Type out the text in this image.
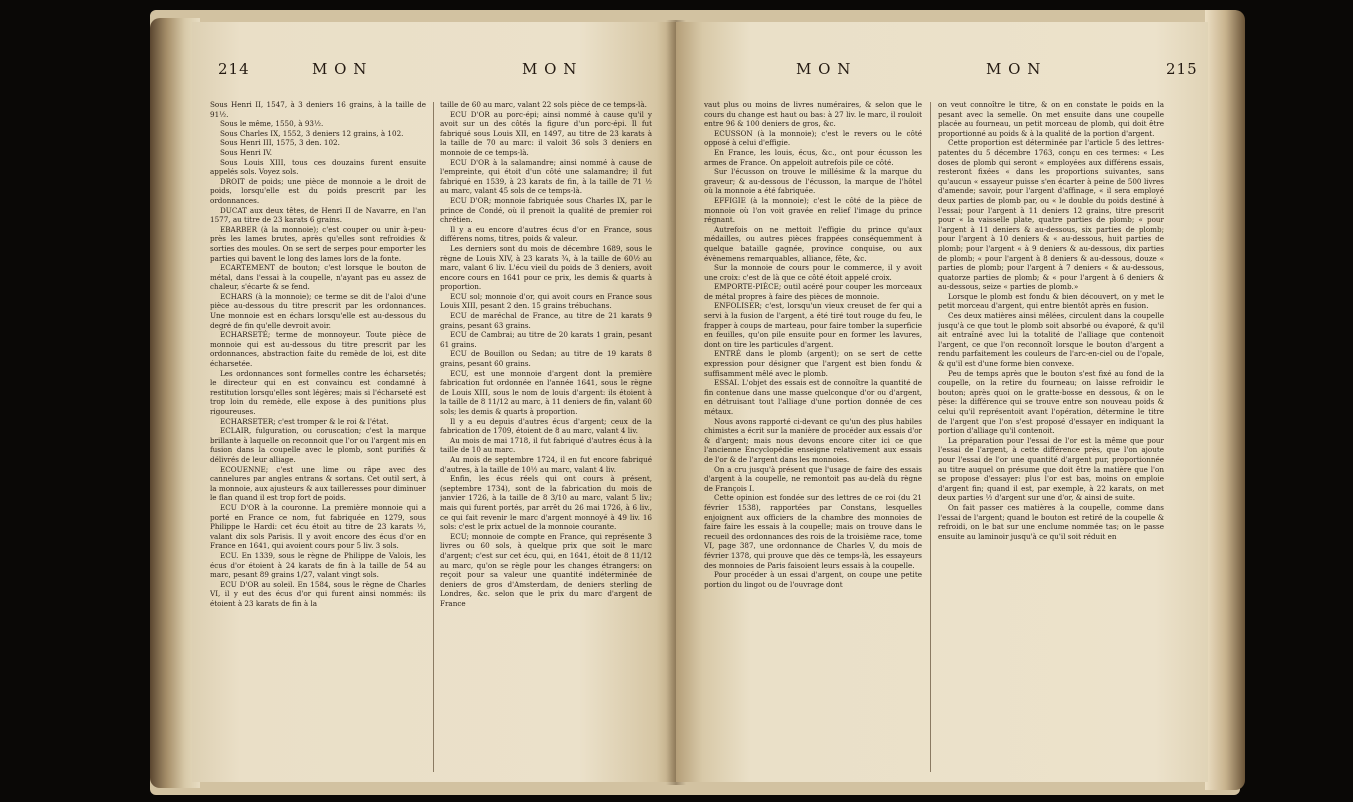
214	M O N	M O N

Sous Henri II, 1547, à 3 deniers 16 grains, à la taille de 91½.

Sous le même, 1550, à 93½.

Sous Charles IX, 1552, 3 deniers 12 grains, à 102.

Sous Henri III, 1575, 3 den. 102.

Sous Henri IV.

Sous Louis XIII, tous ces douzains furent ensuite appelés sols. Voyez sols.

DROIT de poids; une pièce de monnoie a le droit de poids, lorsqu'elle est du poids prescrit par les ordonnances.

DUCAT aux deux têtes, de Henri II de Navarre, en l'an 1577, au titre de 23 karats 6 grains.

EBARBER (à la monnoie); c'est couper ou unir à-peu-près les lames brutes, après qu'elles sont refroidies & sorties des moules. On se sert de serpes pour emporter les parties qui bavent le long des lames lors de la fonte.

ECARTEMENT de bouton; c'est lorsque le bouton de métal, dans l'essai à la coupelle, n'ayant pas eu assez de chaleur, s'écarte & se fend.

ECHARS (à la monnoie); ce terme se dit de l'aloi d'une pièce au-dessous du titre prescrit par les ordonnances. Une monnoie est en échars lorsqu'elle est au-dessous du degré de fin qu'elle devroit avoir.

ECHARSETÉ; terme de monnoyeur. Toute pièce de monnoie qui est au-dessous du titre prescrit par les ordonnances, abstraction faite du remède de loi, est dite écharsetée.

Les ordonnances sont formelles contre les écharsetés; le directeur qui en est convaincu est condamné à restitution lorsqu'elles sont légères; mais si l'écharseté est trop loin du remède, elle expose à des punitions plus rigoureuses.

ECHARSETER; c'est tromper & le roi & l'état.

ECLAIR, fulguration, ou coruscation; c'est la marque brillante à laquelle on reconnoit que l'or ou l'argent mis en fusion dans la coupelle avec le plomb, sont purifiés & délivrés de leur alliage.

ECOUENNE; c'est une lime ou râpe avec des cannelures par angles entrans & sortans. Cet outil sert, à la monnoie, aux ajusteurs & aux tailleresses pour diminuer le flan quand il est trop fort de poids.

ECU D'OR à la couronne. La première monnoie qui a porté en France ce nom, fut fabriquée en 1279, sous Philippe le Hardi: cet écu étoit au titre de 23 karats ½, valant dix sols Parisis. Il y avoit encore des écus d'or en France en 1641, qui avoient cours pour 5 liv. 3 sols.

ECU. En 1339, sous le règne de Philippe de Valois, les écus d'or étoient à 24 karats de fin à la taille de 54 au marc, pesant 89 grains 1/27, valant vingt sols.

ECU D'OR au soleil. En 1584, sous le règne de Charles VI, il y eut des écus d'or qui furent ainsi nommés: ils étoient à 23 karats de fin à la

taille de 60 au marc, valant 22 sols pièce de ce temps-là.

ECU D'OR au porc-épi; ainsi nommé à cause qu'il y avoit sur un des côtés la figure d'un porc-épi. Il fut fabriqué sous Louis XII, en 1497, au titre de 23 karats à la taille de 70 au marc: il valoit 36 sols 3 deniers en monnoie de ce temps-là.

ECU D'OR à la salamandre; ainsi nommé à cause de l'empreinte, qui étoit d'un côté une salamandre; il fut fabriqué en 1539, à 23 karats de fin, à la taille de 71 ½ au marc, valant 45 sols de ce temps-là.

ECU D'OR; monnoie fabriquée sous Charles IX, par le prince de Condé, où il prenoit la qualité de premier roi chrétien.

Il y a eu encore d'autres écus d'or en France, sous différens noms, titres, poids & valeur.

Les derniers sont du mois de décembre 1689, sous le règne de Louis XIV, à 23 karats ¾, à la taille de 60½ au marc, valant 6 liv. L'écu vieil du poids de 3 deniers, avoit encore cours en 1641 pour ce prix, les demis & quarts à proportion.

ECU sol; monnoie d'or, qui avoit cours en France sous Louis XIII, pesant 2 den. 15 grains trébuchans.

ECU de maréchal de France, au titre de 21 karats 9 grains, pesant 63 grains.

ECU de Cambrai; au titre de 20 karats 1 grain, pesant 61 grains.

ECU de Bouillon ou Sedan; au titre de 19 karats 8 grains, pesant 60 grains.

ECU, est une monnoie d'argent dont la première fabrication fut ordonnée en l'année 1641, sous le règne de Louis XIII, sous le nom de louis d'argent: ils étoient à la taille de 8 11/12 au marc, à 11 deniers de fin, valant 60 sols; les demis & quarts à proportion.

Il y a eu depuis d'autres écus d'argent; ceux de la fabrication de 1709, étoient de 8 au marc, valant 4 liv.

Au mois de mai 1718, il fut fabriqué d'autres écus à la taille de 10 au marc.

Au mois de septembre 1724, il en fut encore fabriqué d'autres, à la taille de 10½ au marc, valant 4 liv.

Enfin, les écus réels qui ont cours à présent, (septembre 1734), sont de la fabrication du mois de janvier 1726, à la taille de 8 3/10 au marc, valant 5 liv.; mais qui furent portés, par arrêt du 26 mai 1726, à 6 liv., ce qui fait revenir le marc d'argent monnoyé à 49 liv. 16 sols: c'est le prix actuel de la monnoie courante.

ECU; monnoie de compte en France, qui représente 3 livres ou 60 sols, à quelque prix que soit le marc d'argent; c'est sur cet écu, qui, en 1641, étoit de 8 11/12 au marc, qu'on se règle pour les changes étrangers: on reçoit pour sa valeur une quantité indéterminée de deniers de gros d'Amsterdam, de deniers sterling de Londres, &c. selon que le prix du marc d'argent de France

M O N	M O N	215

vaut plus ou moins de livres numéraires, & selon que le cours du change est haut ou bas: à 27 liv. le marc, il rouloit entre 96 & 100 deniers de gros, &c.

ECUSSON (à la monnoie); c'est le revers ou le côté opposé à celui d'effigie.

En France, les louis, écus, &c., ont pour écusson les armes de France. On appeloit autrefois pile ce côté.

Sur l'écusson on trouve le millésime & la marque du graveur; & au-dessous de l'écusson, la marque de l'hôtel où la monnoie a été fabriquée.

EFFIGIE (à la monnoie); c'est le côté de la pièce de monnoie où l'on voit gravée en relief l'image du prince régnant.

Autrefois on ne mettoit l'effigie du prince qu'aux médailles, ou autres pièces frappées conséquemment à quelque bataille gagnée, province conquise, ou aux évènemens remarquables, alliance, fête, &c.

Sur la monnoie de cours pour le commerce, il y avoit une croix: c'est de là que ce côté étoit appelé croix.

EMPORTE-PIÈCE; outil acéré pour couper les morceaux de métal propres à faire des pièces de monnoie.

ENFOLISER; c'est, lorsqu'un vieux creuset de fer qui a servi à la fusion de l'argent, a été tiré tout rouge du feu, le frapper à coups de marteau, pour faire tomber la superficie en feuilles, qu'on pile ensuite pour en former les lavures, dont on tire les particules d'argent.

ENTRÉ dans le plomb (argent); on se sert de cette expression pour désigner que l'argent est bien fondu & suffisamment mêlé avec le plomb.

ESSAI. L'objet des essais est de connoître la quantité de fin contenue dans une masse quelconque d'or ou d'argent, en détruisant tout l'alliage d'une portion donnée de ces métaux.

Nous avons rapporté ci-devant ce qu'un des plus habiles chimistes a écrit sur la manière de procéder aux essais d'or & d'argent; mais nous devons encore citer ici ce que l'ancienne Encyclopédie enseigne relativement aux essais de l'or & de l'argent dans les monnoies.

On a cru jusqu'à présent que l'usage de faire des essais d'argent à la coupelle, ne remontoit pas au-delà du règne de François I.

Cette opinion est fondée sur des lettres de ce roi (du 21 février 1538), rapportées par Constans, lesquelles enjoignent aux officiers de la chambre des monnoies de faire faire les essais à la coupelle; mais on trouve dans le recueil des ordonnances des rois de la troisième race, tome VI, page 387, une ordonnance de Charles V, du mois de février 1378, qui prouve que dès ce temps-là, les essayeurs des monnoies de Paris faisoient leurs essais à la coupelle.

Pour procéder à un essai d'argent, on coupe une petite portion du lingot ou de l'ouvrage dont

on veut connoître le titre, & on en constate le poids en la pesant avec la semelle. On met ensuite dans une coupelle placée au fourneau, un petit morceau de plomb, qui doit être proportionné au poids & à la qualité de la portion d'argent.

Cette proportion est déterminée par l'article 5 des lettres-patentes du 5 décembre 1763, conçu en ces termes: « Les doses de plomb qui seront « employées aux différens essais, resteront fixées « dans les proportions suivantes, sans qu'aucun « essayeur puisse s'en écarter à peine de 500 livres d'amende; savoir, pour l'argent d'affinage, « il sera employé deux parties de plomb par, ou « le double du poids destiné à l'essai; pour l'argent à 11 deniers 12 grains, titre prescrit pour « la vaisselle plate, quatre parties de plomb; « pour l'argent à 11 deniers & au-dessous, six parties de plomb; pour l'argent à 10 deniers & « au-dessous, huit parties de plomb; pour l'argent « à 9 deniers & au-dessous, dix parties de plomb; « pour l'argent à 8 deniers & au-dessous, douze « parties de plomb; pour l'argent à 7 deniers « & au-dessous, quatorze parties de plomb; & « pour l'argent à 6 deniers & au-dessous, seize « parties de plomb.»

Lorsque le plomb est fondu & bien découvert, on y met le petit morceau d'argent, qui entre bientôt après en fusion.

Ces deux matières ainsi mêlées, circulent dans la coupelle jusqu'à ce que tout le plomb soit absorbé ou évaporé, & qu'il ait entraîné avec lui la totalité de l'alliage que contenoit l'argent, ce que l'on reconnoît lorsque le bouton d'argent a rendu parfaitement les couleurs de l'arc-en-ciel ou de l'opale, & qu'il est d'une forme bien convexe.

Peu de temps après que le bouton s'est fixé au fond de la coupelle, on la retire du fourneau; on laisse refroidir le bouton; après quoi on le gratte-bosse en dessous, & on le pèse: la différence qui se trouve entre son nouveau poids & celui qu'il représentoit avant l'opération, détermine le titre de l'argent que l'on s'est proposé d'essayer en indiquant la portion d'alliage qu'il contenoit.

La préparation pour l'essai de l'or est la même que pour l'essai de l'argent, à cette différence près, que l'on ajoute pour l'essai de l'or une quantité d'argent pur, proportionnée au titre auquel on présume que doit être la matière que l'on se propose d'essayer: plus l'or est bas, moins on emploie d'argent fin; quand il est, par exemple, à 22 karats, on met deux parties ½ d'argent sur une d'or, & ainsi de suite.

On fait passer ces matières à la coupelle, comme dans l'essai de l'argent; quand le bouton est retiré de la coupelle & refroidi, on le bat sur une enclume nommée tas; on le passe ensuite au laminoir jusqu'à ce qu'il soit réduit en
